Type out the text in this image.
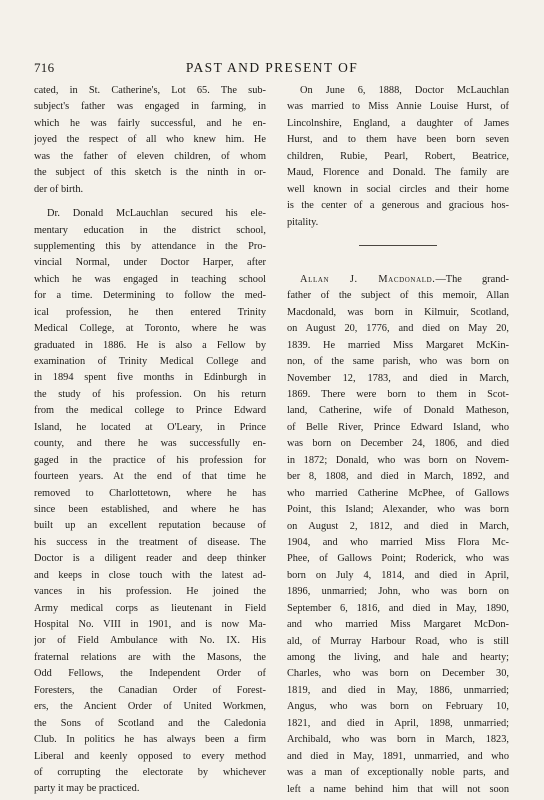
716	PAST AND PRESENT OF
cated, in St. Catherine's, Lot 65. The sub-
subject's father was engaged in farming, in
which he was fairly successful, and he en-
joyed the respect of all who knew him. He
was the father of eleven children, of whom
the subject of this sketch is the ninth in or-
der of birth.
Dr. Donald McLauchlan secured his ele-
mentary education in the district school,
supplementing this by attendance in the Pro-
vincial Normal, under Doctor Harper, after
which he was engaged in teaching school
for a time. Determining to follow the med-
ical profession, he then entered Trinity
Medical College, at Toronto, where he was
graduated in 1886. He is also a Fellow by
examination of Trinity Medical College and
in 1894 spent five months in Edinburgh in
the study of his profession. On his return
from the medical college to Prince Edward
Island, he located at O'Leary, in Prince
county, and there he was successfully en-
gaged in the practice of his profession for
fourteen years. At the end of that time he
removed to Charlottetown, where he has
since been established, and where he has
built up an excellent reputation because of
his success in the treatment of disease. The
Doctor is a diligent reader and deep thinker
and keeps in close touch with the latest ad-
vances in his profession. He joined the
Army medical corps as lieutenant in Field
Hospital No. VIII in 1901, and is now Ma-
jor of Field Ambulance with No. IX. His
fraternal relations are with the Masons, the
Odd Fellows, the Independent Order of
Foresters, the Canadian Order of Forest-
ers, the Ancient Order of United Workmen,
the Sons of Scotland and the Caledonia
Club. In politics he has always been a firm
Liberal and keenly opposed to every method
of corrupting the electorate by whichever
party it may be practiced.
On June 6, 1888, Doctor McLauchlan
was married to Miss Annie Louise Hurst, of
Lincolnshire, England, a daughter of James
Hurst, and to them have been born seven
children, Rubie, Pearl, Robert, Beatrice,
Maud, Florence and Donald. The family are
well known in social circles and their home
is the center of a generous and gracious hos-
pitality.
Allan J. Macdonald.—The grand-
father of the subject of this memoir, Allan
Macdonald, was born in Kilmuir, Scotland,
on August 20, 1776, and died on May 20,
1839. He married Miss Margaret McKin-
non, of the same parish, who was born on
November 12, 1783, and died in March,
1869. There were born to them in Scot-
land, Catherine, wife of Donald Matheson,
of Belle River, Prince Edward Island, who
was born on December 24, 1806, and died
in 1872; Donald, who was born on Novem-
ber 8, 1808, and died in March, 1892, and
who married Catherine McPhee, of Gallows
Point, this Island; Alexander, who was born
on August 2, 1812, and died in March,
1904, and who married Miss Flora Mc-
Phee, of Gallows Point; Roderick, who was
born on July 4, 1814, and died in April,
1896, unmarried; John, who was born on
September 6, 1816, and died in May, 1890,
and who married Miss Margaret McDon-
ald, of Murray Harbour Road, who is still
among the living, and hale and hearty;
Charles, who was born on December 30,
1819, and died in May, 1886, unmarried;
Angus, who was born on February 10,
1821, and died in April, 1898, unmarried;
Archibald, who was born in March, 1823,
and died in May, 1891, unmarried, and who
was a man of exceptionally noble parts, and
left a name behind him that will not soon
